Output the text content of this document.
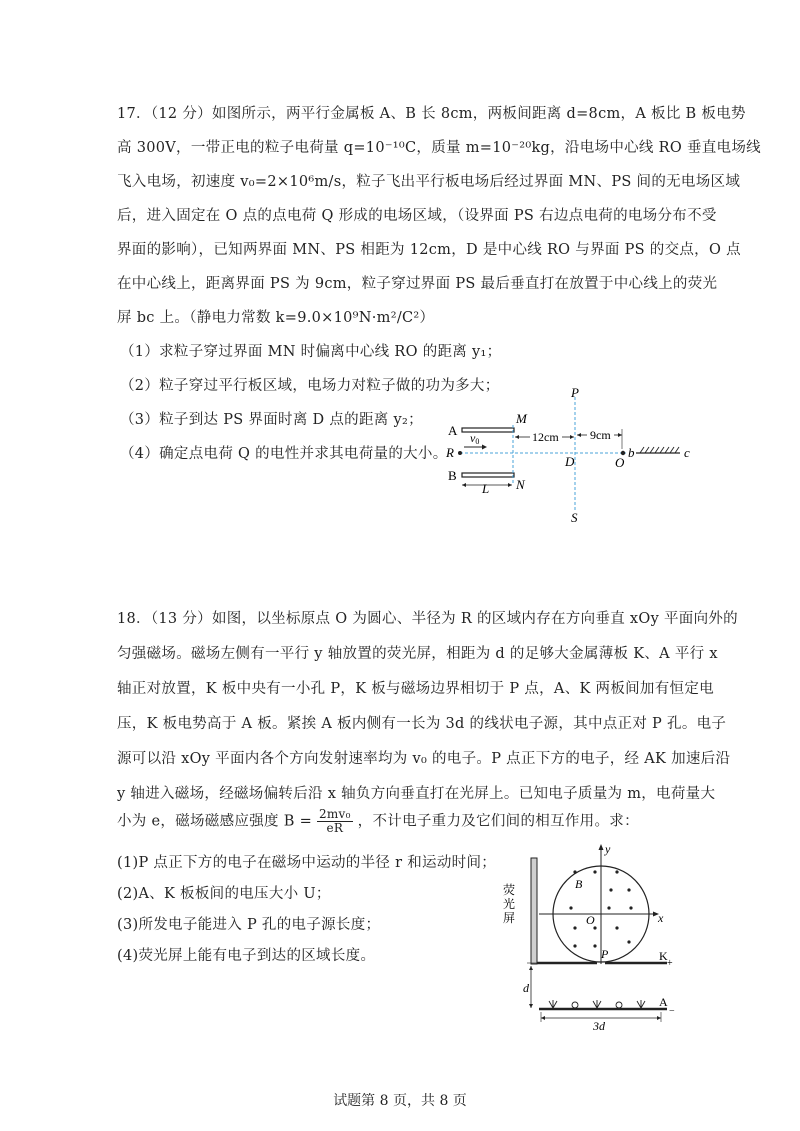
17．（12 分）如图所示，两平行金属板 A、B 长 8cm，两板间距离 d=8cm，A 板比 B 板电势
高 300V，一带正电的粒子电荷量 q=10⁻¹⁰C，质量 m=10⁻²⁰kg，沿电场中心线 RO 垂直电场线
飞入电场，初速度 v₀=2×10⁶m/s，粒子飞出平行板电场后经过界面 MN、PS 间的无电场区域
后，进入固定在 O 点的点电荷 Q 形成的电场区域，（设界面 PS 右边点电荷的电场分布不受
界面的影响），已知两界面 MN、PS 相距为 12cm，D 是中心线 RO 与界面 PS 的交点，O 点
在中心线上，距离界面 PS 为 9cm，粒子穿过界面 PS 最后垂直打在放置于中心线上的荧光
屏 bc 上。（静电力常数 k=9.0×10⁹N·m²/C²）
（1）求粒子穿过界面 MN 时偏离中心线 RO 的距离 y₁；
（2）粒子穿过平行板区域，电场力对粒子做的功为多大；
（3）粒子到达 PS 界面时离 D 点的距离 y₂；
（4）确定点电荷 Q 的电性并求其电荷量的大小。
A
B
R
v0
M
N
L
P
S
D
12cm	9cm
O
b	c
18．（13 分）如图，以坐标原点 O 为圆心、半径为 R 的区域内存在方向垂直 xOy 平面向外的
匀强磁场。磁场左侧有一平行 y 轴放置的荧光屏，相距为 d 的足够大金属薄板 K、A 平行 x
轴正对放置，K 板中央有一小孔 P，K 板与磁场边界相切于 P 点，A、K 两板间加有恒定电
压，K 板电势高于 A 板。紧挨 A 板内侧有一长为 3d 的线状电子源，其中点正对 P 孔。电子
源可以沿 xOy 平面内各个方向发射速率均为 v₀ 的电子。P 点正下方的电子，经 AK 加速后沿
y 轴进入磁场，经磁场偏转后沿 x 轴负方向垂直打在光屏上。已知电子质量为 m，电荷量大
小为 e，磁场磁感应强度 $B = \frac{\text{2mv₀}}{eR}$ ，不计电子重力及它们间的相互作用。求：
(1)P 点正下方的电子在磁场中运动的半径 r 和运动时间；
(2)A、K 板板间的电压大小 U；
(3)所发电子能进入 P 孔的电子源长度；
(4)荧光屏上能有电子到达的区域长度。
荧
光
屏
y
x
B
O
P	K
+
d
A
−
3d
试题第 8 页，共 8 页
